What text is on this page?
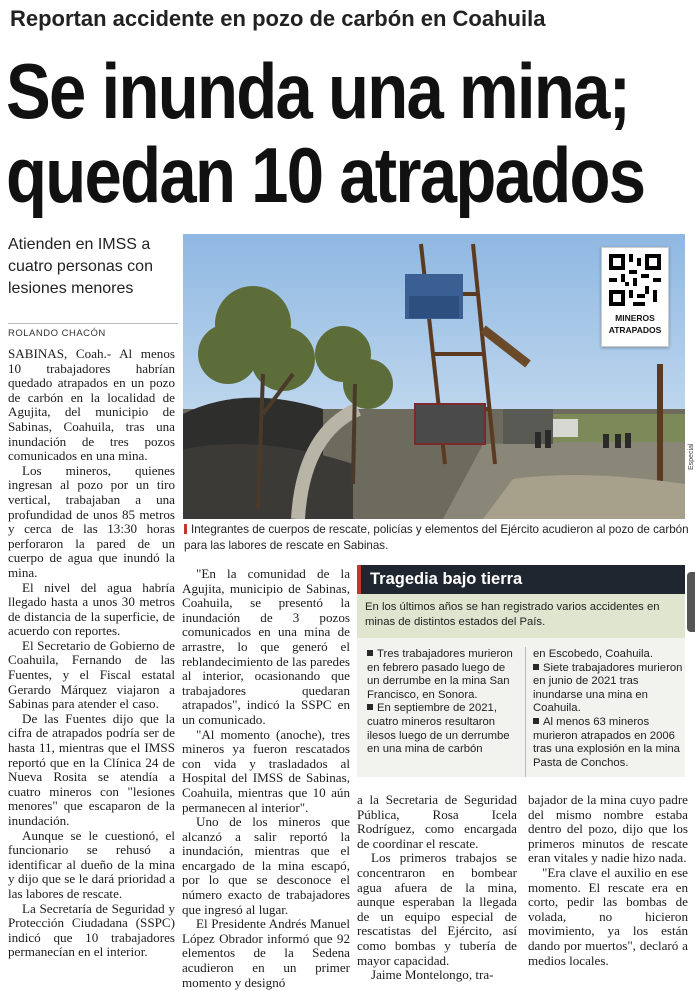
Reportan accidente en pozo de carbón en Coahuila
Se inunda una mina;
quedan 10 atrapados
Atienden en IMSS a cuatro personas con lesiones menores
ROLANDO CHACÓN
MINEROS
ATRAPADOS
Especial
Integrantes de cuerpos de rescate, policías y elementos del Ejército acudieron al pozo de carbón para las labores de rescate en Sabinas.

SABINAS, Coah.- Al menos 10 trabajadores habrían quedado atrapados en un pozo de carbón en la localidad de Agujita, del municipio de Sabinas, Coahuila, tras una inundación de tres pozos comunicados en una mina.

Los mineros, quienes ingresan al pozo por un tiro vertical, trabajaban a una profundidad de unos 85 metros y cerca de las 13:30 horas perforaron la pared de un cuerpo de agua que inundó la mina.

El nivel del agua habría llegado hasta a unos 30 metros de distancia de la superficie, de acuerdo con reportes.

El Secretario de Gobierno de Coahuila, Fernando de las Fuentes, y el Fiscal estatal Gerardo Márquez viajaron a Sabinas para atender el caso.

De las Fuentes dijo que la cifra de atrapados podría ser de hasta 11, mientras que el IMSS reportó que en la Clínica 24 de Nueva Rosita se atendía a cuatro mineros con "lesiones menores" que escaparon de la inundación.

Aunque se le cuestionó, el funcionario se rehusó a identificar al dueño de la mina y dijo que se le dará prioridad a las labores de rescate.

La Secretaría de Seguridad y Protección Ciudadana (SSPC) indicó que 10 trabajadores permanecían en el interior.

"En la comunidad de la Agujita, municipio de Sabinas, Coahuila, se presentó la inundación de 3 pozos comunicados en una mina de arrastre, lo que generó el reblandecimiento de las paredes al interior, ocasionando que trabajadores quedaran atrapados", indicó la SSPC en un comunicado.

"Al momento (anoche), tres mineros ya fueron rescatados con vida y trasladados al Hospital del IMSS de Sabinas, Coahuila, mientras que 10 aún permanecen al interior".

Uno de los mineros que alcanzó a salir reportó la inundación, mientras que el encargado de la mina escapó, por lo que se desconoce el número exacto de trabajadores que ingresó al lugar.

El Presidente Andrés Manuel López Obrador informó que 92 elementos de la Sedena acudieron en un primer momento y designó

Tragedia bajo tierra
En los últimos años se han registrado varios accidentes en minas de distintos estados del País.
Tres trabajadores murieron en febrero pasado luego de un derrumbe en la mina San Francisco, en Sonora.
En septiembre de 2021, cuatro mineros resultaron ilesos luego de un derrumbe en una mina de carbón
en Escobedo, Coahuila.
Siete trabajadores murieron en junio de 2021 tras inundarse una mina en Coahuila.
Al menos 63 mineros murieron atrapados en 2006 tras una explosión en la mina Pasta de Conchos.

a la Secretaria de Seguridad Pública, Rosa Icela Rodríguez, como encargada de coordinar el rescate.

Los primeros trabajos se concentraron en bombear agua afuera de la mina, aunque esperaban la llegada de un equipo especial de rescatistas del Ejército, así como bombas y tubería de mayor capacidad.

Jaime Montelongo, tra-

bajador de la mina cuyo padre del mismo nombre estaba dentro del pozo, dijo que los primeros minutos de rescate eran vitales y nadie hizo nada.

"Era clave el auxilio en ese momento. El rescate era en corto, pedir las bombas de volada, no hicieron movimiento, ya los están dando por muertos", declaró a medios locales.
